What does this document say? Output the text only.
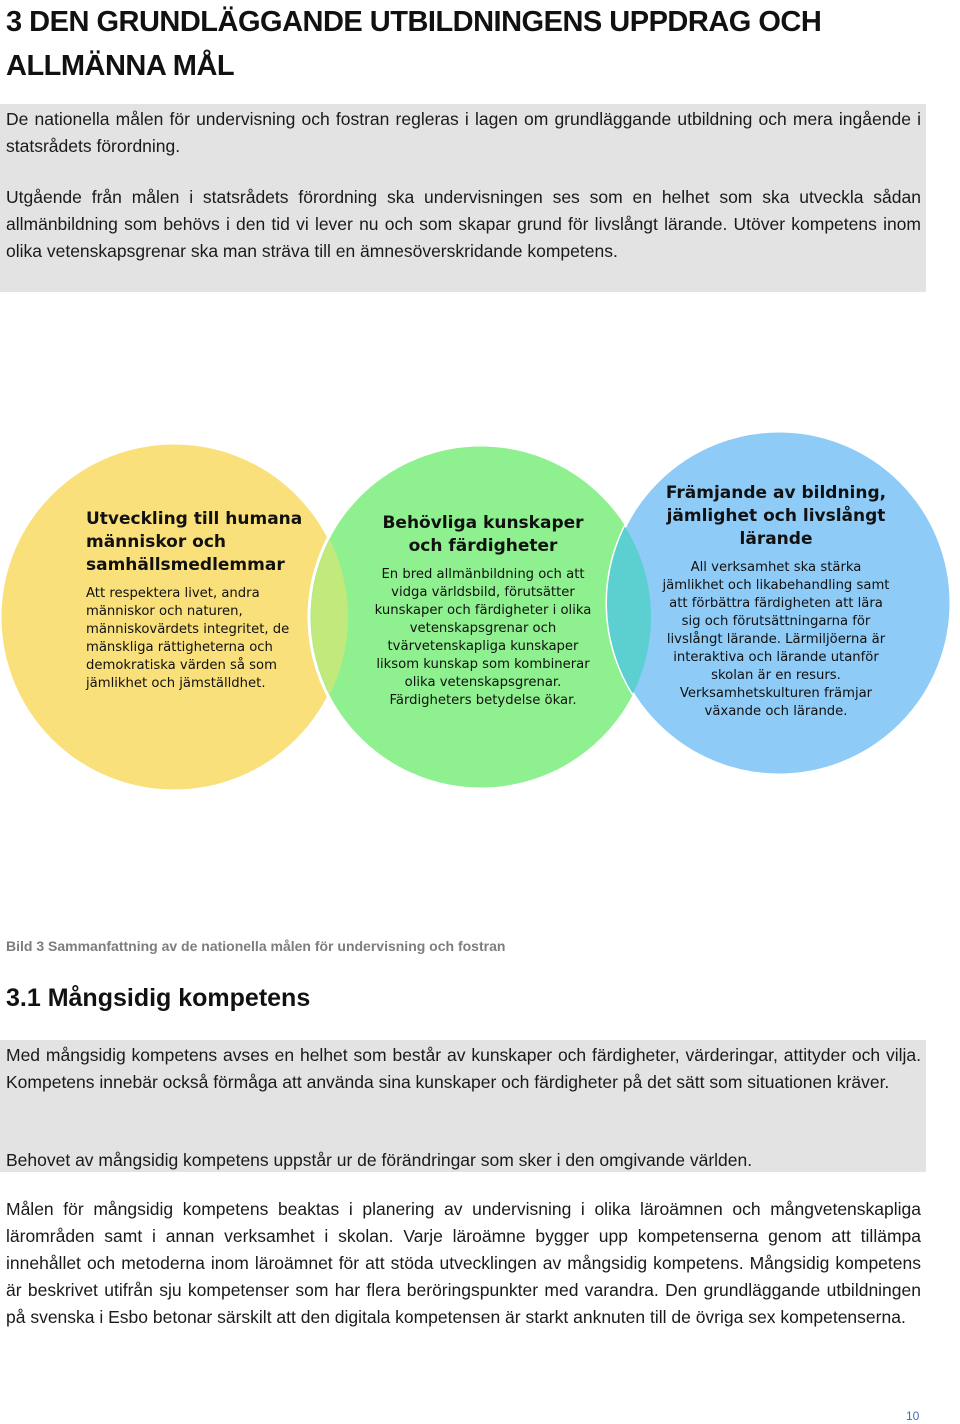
3 DEN GRUNDLÄGGANDE UTBILDNINGENS UPPDRAG OCH ALLMÄNNA MÅL
De nationella målen för undervisning och fostran regleras i lagen om grundläggande utbildning och mera ingående i statsrådets förordning.
Utgående från målen i statsrådets förordning ska undervisningen ses som en helhet som ska utveckla sådan allmänbildning som behövs i den tid vi lever nu och som skapar grund för livslångt lärande. Utöver kompetens inom olika vetenskapsgrenar ska man sträva till en ämnesöverskridande kompetens.
Utveckling till humana människor och samhällsmedlemmar
Att respektera livet, andra människor och naturen, människovärdets integritet, de mänskliga rättigheterna och demokratiska värden så som jämlikhet och jämställdhet.
Behövliga kunskaper och färdigheter
En bred allmänbildning och att vidga världsbild, förutsätter kunskaper och färdigheter i olika vetenskapsgrenar och tvärvetenskapliga kunskaper liksom kunskap som kombinerar olika vetenskapsgrenar. Färdigheters betydelse ökar.
Främjande av bildning, jämlighet och livslångt lärande
All verksamhet ska stärka jämlikhet och likabehandling samt att förbättra färdigheten att lära sig och förutsättningarna för livslångt lärande. Lärmiljöerna är interaktiva och lärande utanför skolan är en resurs. Verksamhetskulturen främjar växande och lärande.
Bild 3 Sammanfattning av de nationella målen för undervisning och fostran
3.1 Mångsidig kompetens
Med mångsidig kompetens avses en helhet som består av kunskaper och färdigheter, värderingar, attityder och vilja. Kompetens innebär också förmåga att använda sina kunskaper och färdigheter på det sätt som situationen kräver.
Behovet av mångsidig kompetens uppstår ur de förändringar som sker i den omgivande världen.
Målen för mångsidig kompetens beaktas i planering av undervisning i olika läroämnen och mångvetenskapliga lärområden samt i annan verksamhet i skolan. Varje läroämne bygger upp kompetenserna genom att tillämpa innehållet och metoderna inom läroämnet för att stöda utvecklingen av mångsidig kompetens. Mångsidig kompetens är beskrivet utifrån sju kompetenser som har flera beröringspunkter med varandra. Den grundläggande utbildningen på svenska i Esbo betonar särskilt att den digitala kompetensen är starkt anknuten till de övriga sex kompetenserna.
10
